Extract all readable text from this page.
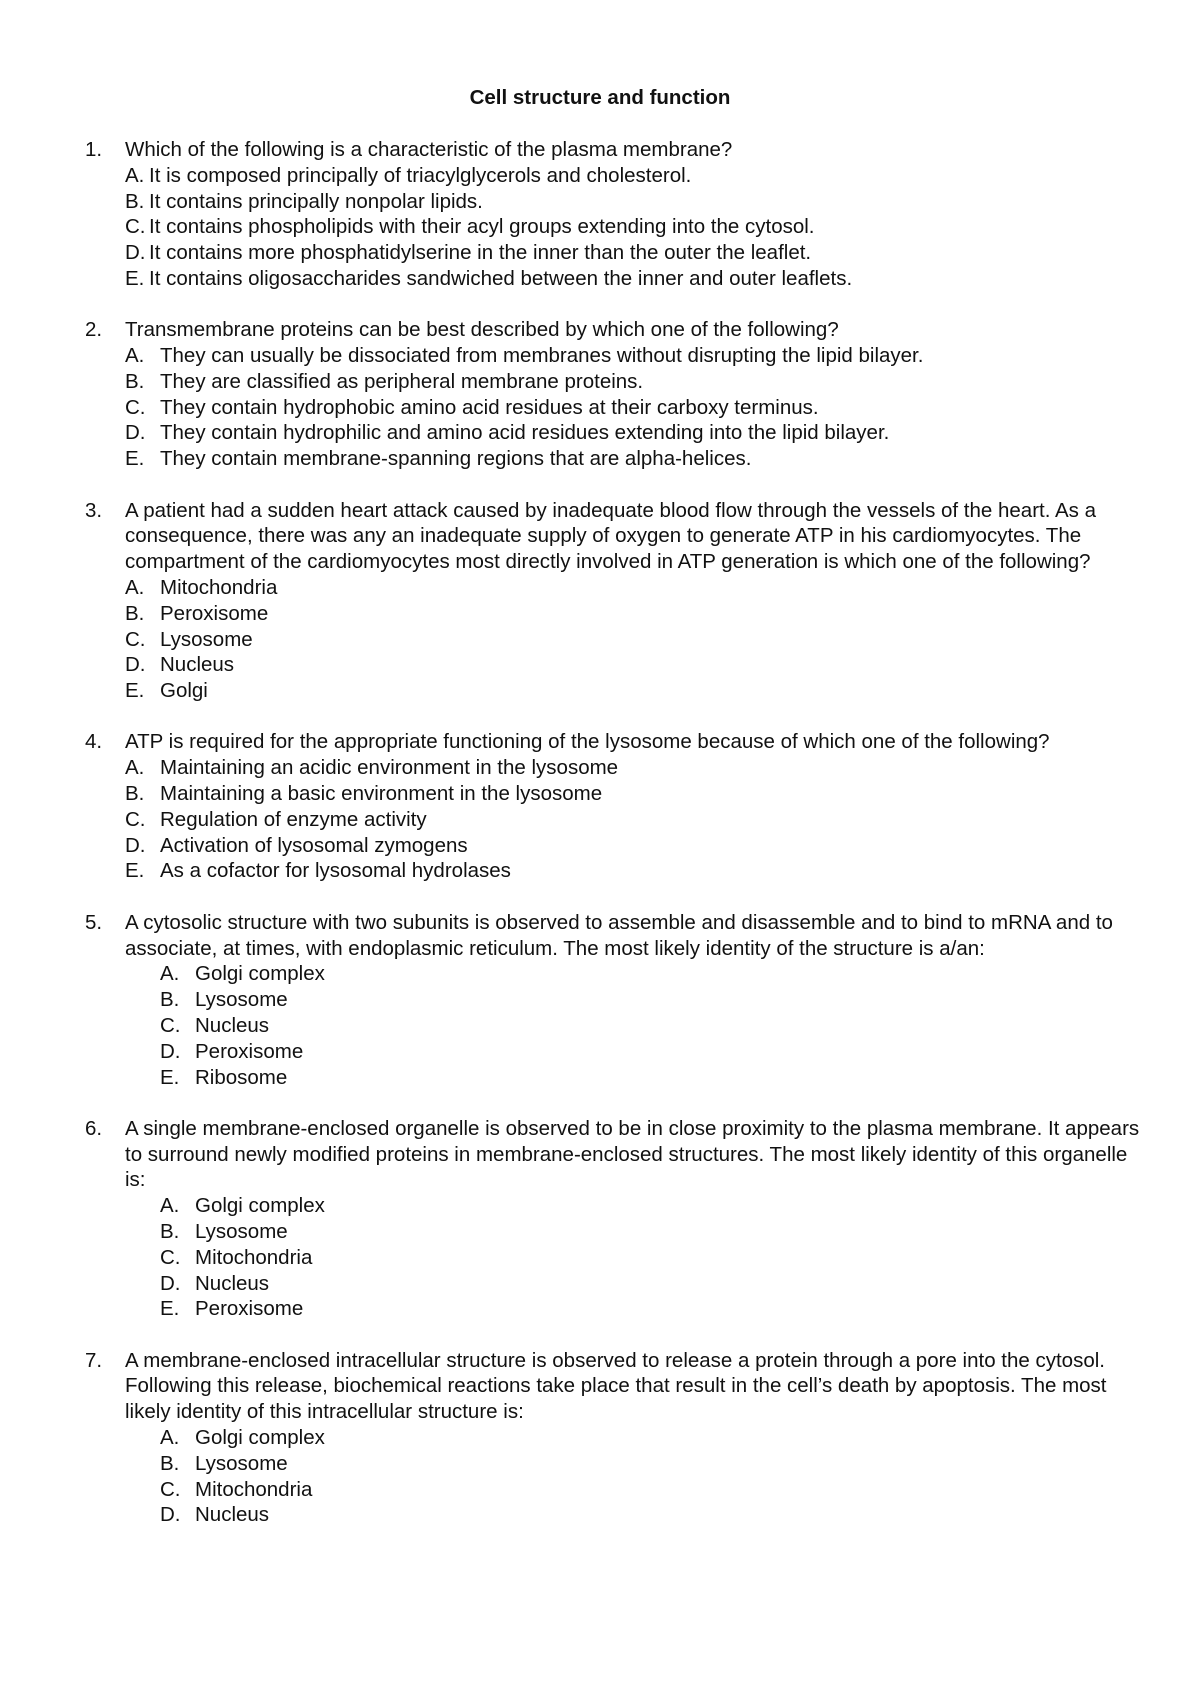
Cell structure and function
1. Which of the following is a characteristic of the plasma membrane?
A. It is composed principally of triacylglycerols and cholesterol.
B. It contains principally nonpolar lipids.
C. It contains phospholipids with their acyl groups extending into the cytosol.
D. It contains more phosphatidylserine in the inner than the outer the leaflet.
E. It contains oligosaccharides sandwiched between the inner and outer leaflets.
2. Transmembrane proteins can be best described by which one of the following?
A. They can usually be dissociated from membranes without disrupting the lipid bilayer.
B. They are classified as peripheral membrane proteins.
C. They contain hydrophobic amino acid residues at their carboxy terminus.
D. They contain hydrophilic and amino acid residues extending into the lipid bilayer.
E. They contain membrane-spanning regions that are alpha-helices.
3. A patient had a sudden heart attack caused by inadequate blood flow through the vessels of the heart. As a consequence, there was any an inadequate supply of oxygen to generate ATP in his cardiomyocytes. The compartment of the cardiomyocytes most directly involved in ATP generation is which one of the following?
A. Mitochondria
B. Peroxisome
C. Lysosome
D. Nucleus
E. Golgi
4. ATP is required for the appropriate functioning of the lysosome because of which one of the following?
A. Maintaining an acidic environment in the lysosome
B. Maintaining a basic environment in the lysosome
C. Regulation of enzyme activity
D. Activation of lysosomal zymogens
E. As a cofactor for lysosomal hydrolases
5. A cytosolic structure with two subunits is observed to assemble and disassemble and to bind to mRNA and to associate, at times, with endoplasmic reticulum. The most likely identity of the structure is a/an:
A. Golgi complex
B. Lysosome
C. Nucleus
D. Peroxisome
E. Ribosome
6. A single membrane-enclosed organelle is observed to be in close proximity to the plasma membrane. It appears to surround newly modified proteins in membrane-enclosed structures. The most likely identity of this organelle is:
A. Golgi complex
B. Lysosome
C. Mitochondria
D. Nucleus
E. Peroxisome
7. A membrane-enclosed intracellular structure is observed to release a protein through a pore into the cytosol. Following this release, biochemical reactions take place that result in the cell’s death by apoptosis. The most likely identity of this intracellular structure is:
A. Golgi complex
B. Lysosome
C. Mitochondria
D. Nucleus
